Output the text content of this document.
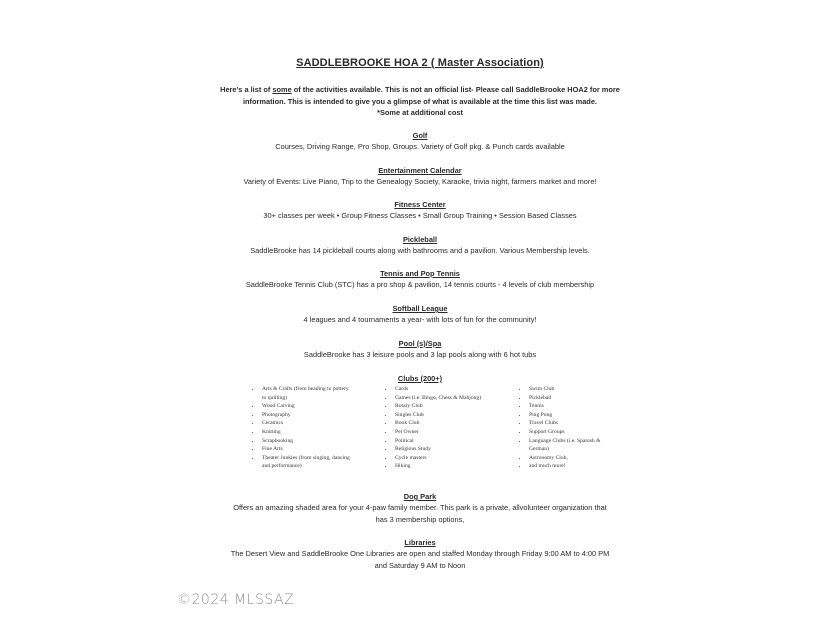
SADDLEBROOKE HOA 2 ( Master Association)
Here's a list of some of the activities available. This is not an official list- Please call SaddleBrooke HOA2 for more information. This is intended to give you a glimpse of what is available at the time this list was made.
*Some at additional cost
Golf
Courses, Driving Range, Pro Shop, Groups. Variety of Golf pkg. & Punch cards available
Entertainment Calendar
Variety of Events: Live Piano, Trip to the Genealogy Society, Karaoke, trivia night, farmers market and more!
Fitness Center
30+ classes per week • Group Fitness Classes • Small Group Training • Session Based Classes
Pickleball
SaddleBrooke has 14 pickleball courts along with bathrooms and a pavilion. Various Membership levels.
Tennis and Pop Tennis
SaddleBrooke Tennis Club (STC) has a pro shop & pavilion, 14 tennis courts - 4 levels of club membership
Softball League
4 leagues and 4 tournaments a year- with lots of fun for the community!
Pool (s)/Spa
SaddleBrooke has 3 leisure pools and 3 lap pools along with 6 hot tubs
Clubs (200+)
• Arts & Crafts (from beading to pottery to quilting)
• Wood Carving
• Photography
• Ceramics
• Knitting
• Scrapbooking
• Fine Arts
• Theater Junkies (from singing, dancing and performance)
• Cards
• Games (i.e. Bingo, Chess & Mahjong)
• Rotary Club
• Singles Club
• Book Club
• Pet Owner
• Political
• Religious Study
• Cycle masters
• Hiking
• Swim Club
• Pickleball
• Tennis
• Ping Pong
• Travel Clubs
• Support Groups
• Language Clubs (i.e. Spanish & German)
• Astronomy Club,
• and much more!
Dog Park
Offers an amazing shaded area for your 4-paw family member. This park is a private, allvolunteer organization that has 3 membership options,
Libraries
The Desert View and SaddleBrooke One Libraries are open and staffed Monday through Friday 9:00 AM to 4:00 PM and Saturday 9 AM to Noon
©2024 MLSSAZ
